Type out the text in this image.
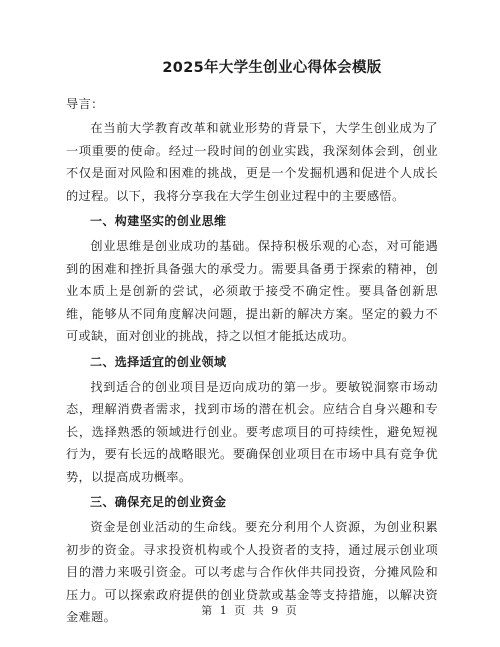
2025年大学生创业心得体会模版
导言：

在当前大学教育改革和就业形势的背景下，大学生创业成为了一项重要的使命。经过一段时间的创业实践，我深刻体会到，创业不仅是面对风险和困难的挑战，更是一个发掘机遇和促进个人成长的过程。以下，我将分享我在大学生创业过程中的主要感悟。

一、构建坚实的创业思维

创业思维是创业成功的基础。保持积极乐观的心态，对可能遇到的困难和挫折具备强大的承受力。需要具备勇于探索的精神，创业本质上是创新的尝试，必须敢于接受不确定性。要具备创新思维，能够从不同角度解决问题，提出新的解决方案。坚定的毅力不可或缺，面对创业的挑战，持之以恒才能抵达成功。

二、选择适宜的创业领域

找到适合的创业项目是迈向成功的第一步。要敏锐洞察市场动态，理解消费者需求，找到市场的潜在机会。应结合自身兴趣和专长，选择熟悉的领域进行创业。要考虑项目的可持续性，避免短视行为，要有长远的战略眼光。要确保创业项目在市场中具有竞争优势，以提高成功概率。

三、确保充足的创业资金

资金是创业活动的生命线。要充分利用个人资源，为创业积累初步的资金。寻求投资机构或个人投资者的支持，通过展示创业项目的潜力来吸引资金。可以考虑与合作伙伴共同投资，分摊风险和压力。可以探索政府提供的创业贷款或基金等支持措施，以解决资金难题。	第 1 页 共 9 页
